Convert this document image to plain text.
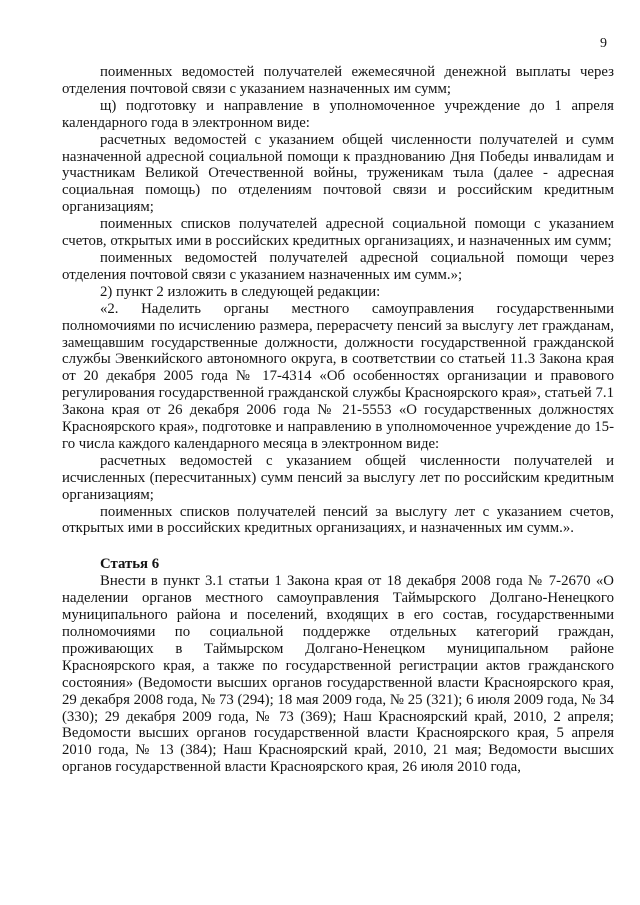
9

поименных ведомостей получателей ежемесячной денежной выплаты через отделения почтовой связи с указанием назначенных им сумм;

щ) подготовку и направление в уполномоченное учреждение до 1 апреля календарного года в электронном виде:

расчетных ведомостей с указанием общей численности получателей и сумм назначенной адресной социальной помощи к празднованию Дня Победы инвалидам и участникам Великой Отечественной войны, труженикам тыла (далее - адресная социальная помощь) по отделениям почтовой связи и российским кредитным организациям;

поименных списков получателей адресной социальной помощи с указанием счетов, открытых ими в российских кредитных организациях, и назначенных им сумм;

поименных ведомостей получателей адресной социальной помощи через отделения почтовой связи с указанием назначенных им сумм.»;

2) пункт 2 изложить в следующей редакции:

«2. Наделить органы местного самоуправления государственными полномочиями по исчислению размера, перерасчету пенсий за выслугу лет гражданам, замещавшим государственные должности, должности государственной гражданской службы Эвенкийского автономного округа, в соответствии со статьей 11.3 Закона края от 20 декабря 2005 года № 17-4314 «Об особенностях организации и правового регулирования государственной гражданской службы Красноярского края», статьей 7.1 Закона края от 26 декабря 2006 года № 21-5553 «О государственных должностях Красноярского края», подготовке и направлению в уполномоченное учреждение до 15-го числа каждого календарного месяца в электронном виде:

расчетных ведомостей с указанием общей численности получателей и исчисленных (пересчитанных) сумм пенсий за выслугу лет по российским кредитным организациям;

поименных списков получателей пенсий за выслугу лет с указанием счетов, открытых ими в российских кредитных организациях, и назначенных им сумм.».

Статья 6

Внести в пункт 3.1 статьи 1 Закона края от 18 декабря 2008 года № 7-2670 «О наделении органов местного самоуправления Таймырского Долгано-Ненецкого муниципального района и поселений, входящих в его состав, государственными полномочиями по социальной поддержке отдельных категорий граждан, проживающих в Таймырском Долгано-Ненецком муниципальном районе Красноярского края, а также по государственной регистрации актов гражданского состояния» (Ведомости высших органов государственной власти Красноярского края, 29 декабря 2008 года, № 73 (294); 18 мая 2009 года, № 25 (321); 6 июля 2009 года, № 34 (330); 29 декабря 2009 года, № 73 (369); Наш Красноярский край, 2010, 2 апреля; Ведомости высших органов государственной власти Красноярского края, 5 апреля 2010 года, № 13 (384); Наш Красноярский край, 2010, 21 мая; Ведомости высших органов государственной власти Красноярского края, 26 июля 2010 года,
